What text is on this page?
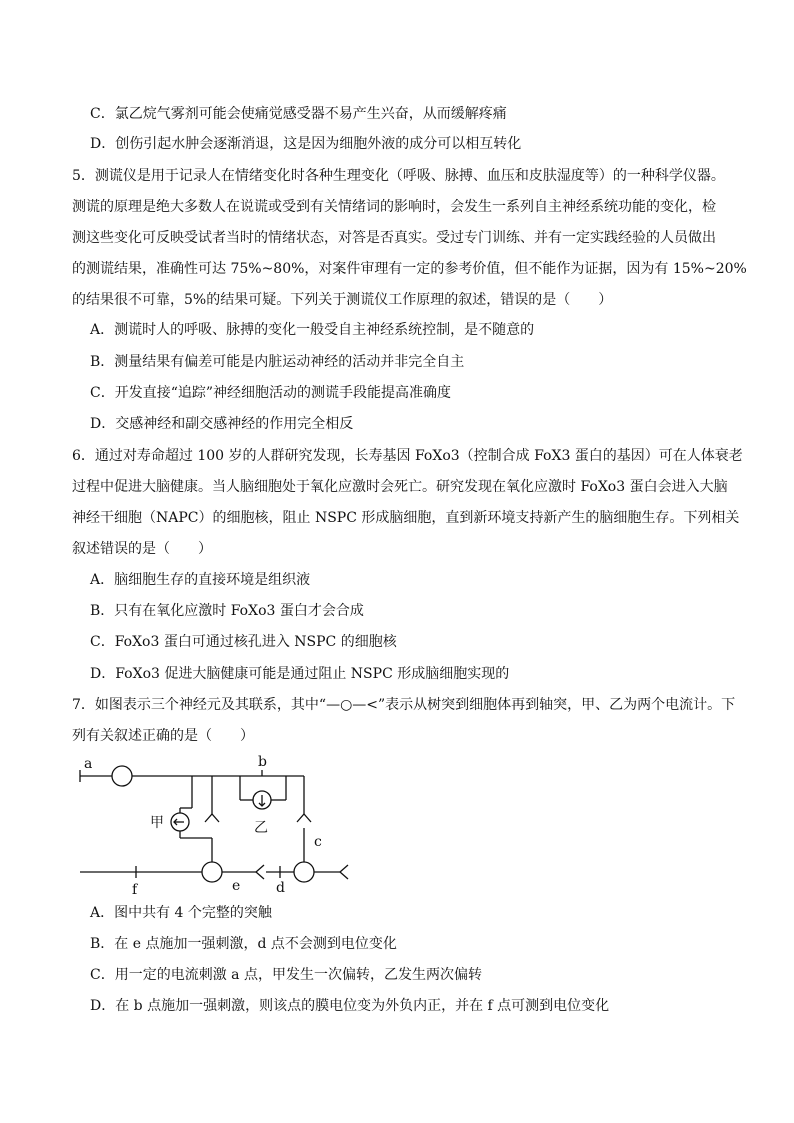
C．氯乙烷气雾剂可能会使痛觉感受器不易产生兴奋，从而缓解疼痛
D．创伤引起水肿会逐渐消退，这是因为细胞外液的成分可以相互转化
5．测谎仪是用于记录人在情绪变化时各种生理变化（呼吸、脉搏、血压和皮肤湿度等）的一种科学仪器。
测谎的原理是绝大多数人在说谎或受到有关情绪词的影响时，会发生一系列自主神经系统功能的变化，检
测这些变化可反映受试者当时的情绪状态，对答是否真实。受过专门训练、并有一定实践经验的人员做出
的测谎结果，准确性可达 75%~80%，对案件审理有一定的参考价值，但不能作为证据，因为有 15%~20%
的结果很不可靠，5%的结果可疑。下列关于测谎仪工作原理的叙述，错误的是（　　）
A．测谎时人的呼吸、脉搏的变化一般受自主神经系统控制，是不随意的
B．测量结果有偏差可能是内脏运动神经的活动并非完全自主
C．开发直接“追踪”神经细胞活动的测谎手段能提高准确度
D．交感神经和副交感神经的作用完全相反
6．通过对寿命超过 100 岁的人群研究发现，长寿基因 FoXo3（控制合成 FoX3 蛋白的基因）可在人体衰老
过程中促进大脑健康。当人脑细胞处于氧化应激时会死亡。研究发现在氧化应激时 FoXo3 蛋白会进入大脑
神经干细胞（NAPC）的细胞核，阻止 NSPC 形成脑细胞，直到新环境支持新产生的脑细胞生存。下列相关
叙述错误的是（　　）
A．脑细胞生存的直接环境是组织液
B．只有在氧化应激时 FoXo3 蛋白才会合成
C．FoXo3 蛋白可通过核孔进入 NSPC 的细胞核
D．FoXo3 促进大脑健康可能是通过阻止 NSPC 形成脑细胞实现的
7．如图表示三个神经元及其联系，其中“—○—<”表示从树突到细胞体再到轴突，甲、乙为两个电流计。下
列有关叙述正确的是（　　）
a	b
c
d
e
f
甲	乙
A．图中共有 4 个完整的突触
B．在 e 点施加一强刺激，d 点不会测到电位变化
C．用一定的电流刺激 a 点，甲发生一次偏转，乙发生两次偏转
D．在 b 点施加一强刺激，则该点的膜电位变为外负内正，并在 f 点可测到电位变化
